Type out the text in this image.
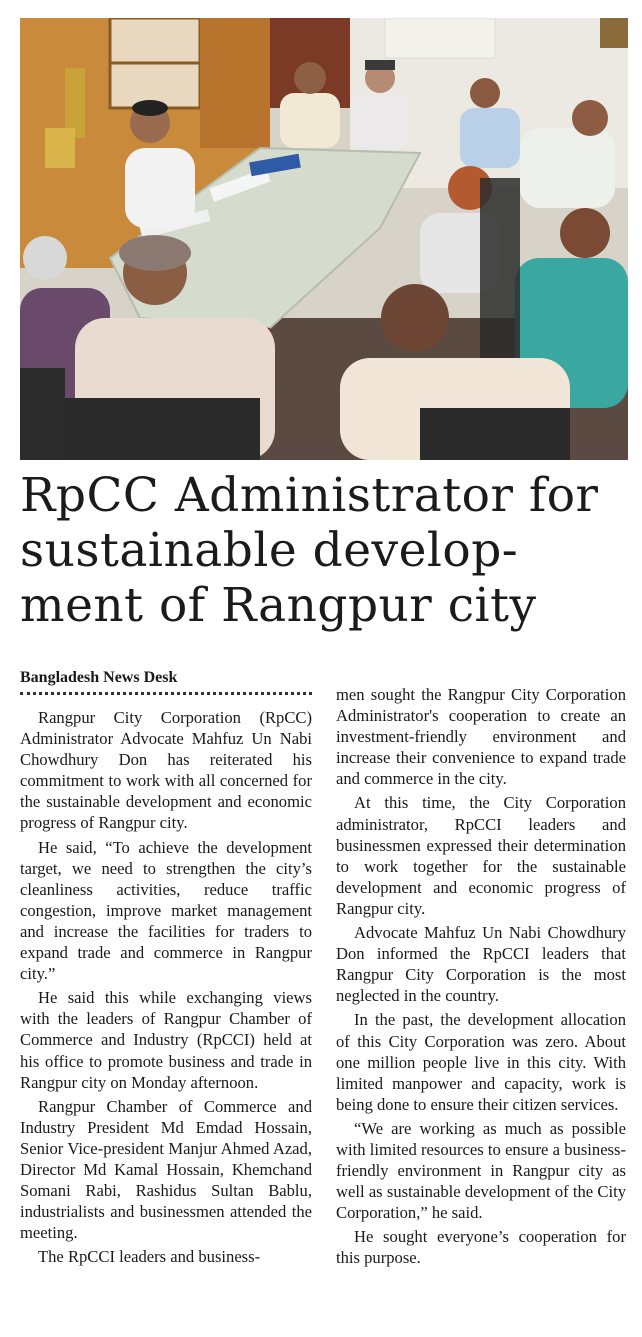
RpCC Administrator for sustainable develop-ment of Rangpur city
Bangladesh News Desk

Rangpur City Corporation (RpCC) Administrator Advocate Mahfuz Un Nabi Chowdhury Don has reiterated his commitment to work with all concerned for the sustainable development and economic progress of Rangpur city.

He said, “To achieve the development target, we need to strengthen the city’s cleanliness activities, reduce traffic congestion, improve market management and increase the facilities for traders to expand trade and commerce in Rangpur city.”

He said this while exchanging views with the leaders of Rangpur Chamber of Commerce and Industry (RpCCI) held at his office to promote business and trade in Rangpur city on Monday afternoon.

Rangpur Chamber of Commerce and Industry President Md Emdad Hossain, Senior Vice-president Manjur Ahmed Azad, Director Md Kamal Hossain, Khemchand Somani Rabi, Rashidus Sultan Bablu, industrialists and businessmen attended the meeting.

The RpCCI leaders and business-

men sought the Rangpur City Corporation Administrator's cooperation to create an investment-friendly environment and increase their convenience to expand trade and commerce in the city.

At this time, the City Corporation administrator, RpCCI leaders and businessmen expressed their determination to work together for the sustainable development and economic progress of Rangpur city.

Advocate Mahfuz Un Nabi Chowdhury Don informed the RpCCI leaders that Rangpur City Corporation is the most neglected in the country.

In the past, the development allocation of this City Corporation was zero. About one million people live in this city. With limited manpower and capacity, work is being done to ensure their citizen services.

“We are working as much as possible with limited resources to ensure a business-friendly environment in Rangpur city as well as sustainable development of the City Corporation,” he said.

He sought everyone’s cooperation for this purpose.
